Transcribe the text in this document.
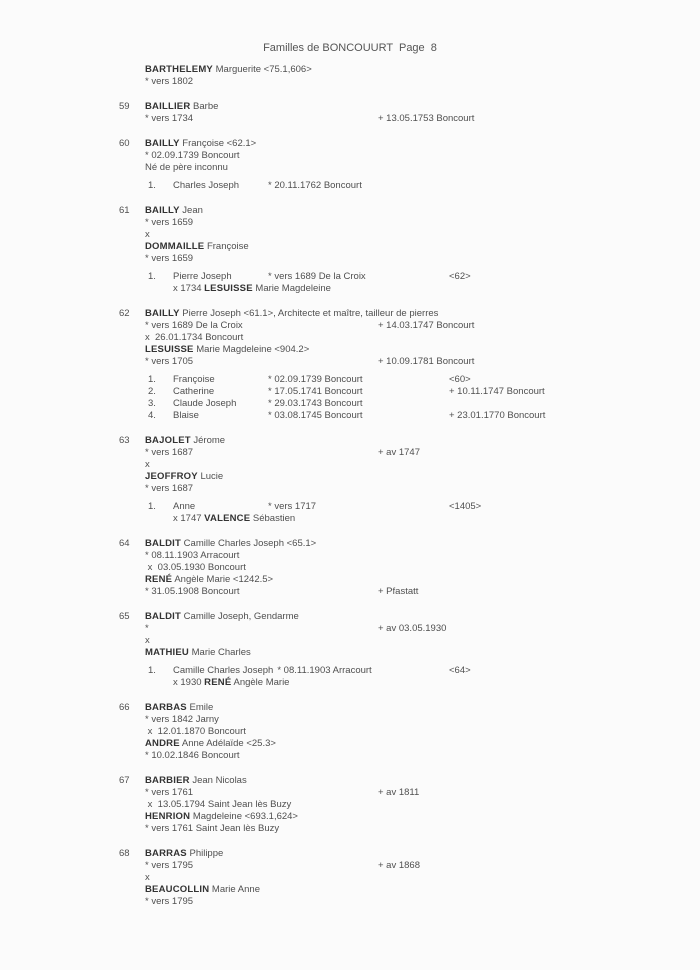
Familles de BONCOUURT  Page  8
BARTHELEMY Marguerite <75.1,606>
* vers 1802
59 BAILLIER Barbe
* vers 1734	+ 13.05.1753 Boncourt
60 BAILLY Françoise <62.1>
* 02.09.1739 Boncourt
Né de père inconnu
1.	Charles Joseph	* 20.11.1762 Boncourt
61 BAILLY Jean
* vers 1659
x
DOMMAILLE Françoise
* vers 1659
1.	Pierre Joseph	* vers 1689 De la Croix	<62>
x 1734 LESUISSE Marie Magdeleine
62 BAILLY Pierre Joseph <61.1>, Architecte et maître, tailleur de pierres
* vers 1689 De la Croix	+ 14.03.1747 Boncourt
x  26.01.1734 Boncourt
LESUISSE Marie Magdeleine <904.2>
* vers 1705	+ 10.09.1781 Boncourt
1.	Françoise	* 02.09.1739 Boncourt	<60>
2.	Catherine	* 17.05.1741 Boncourt	+ 10.11.1747 Boncourt
3.	Claude Joseph	* 29.03.1743 Boncourt
4.	Blaise	* 03.08.1745 Boncourt	+ 23.01.1770 Boncourt
63 BAJOLET Jérome
* vers 1687	+ av 1747
x
JEOFFROY Lucie
* vers 1687
1.	Anne	* vers 1717	<1405>
x 1747 VALENCE Sébastien
64 BALDIT Camille Charles Joseph <65.1>
* 08.11.1903 Arracourt
x  03.05.1930 Boncourt
RENÉ Angèle Marie <1242.5>
* 31.05.1908 Boncourt	+ Pfastatt
65 BALDIT Camille Joseph, Gendarme
*	+ av 03.05.1930
x
MATHIEU Marie Charles
1.	Camille Charles Joseph * 08.11.1903 Arracourt	<64>
x 1930 RENÉ Angèle Marie
66 BARBAS Emile
* vers 1842 Jarny
x  12.01.1870 Boncourt
ANDRE Anne Adélaïde <25.3>
* 10.02.1846 Boncourt
67 BARBIER Jean Nicolas
* vers 1761	+ av 1811
x  13.05.1794 Saint Jean lès Buzy
HENRION Magdeleine <693.1,624>
* vers 1761 Saint Jean lès Buzy
68 BARRAS Philippe
* vers 1795	+ av 1868
x
BEAUCOLLIN Marie Anne
* vers 1795
